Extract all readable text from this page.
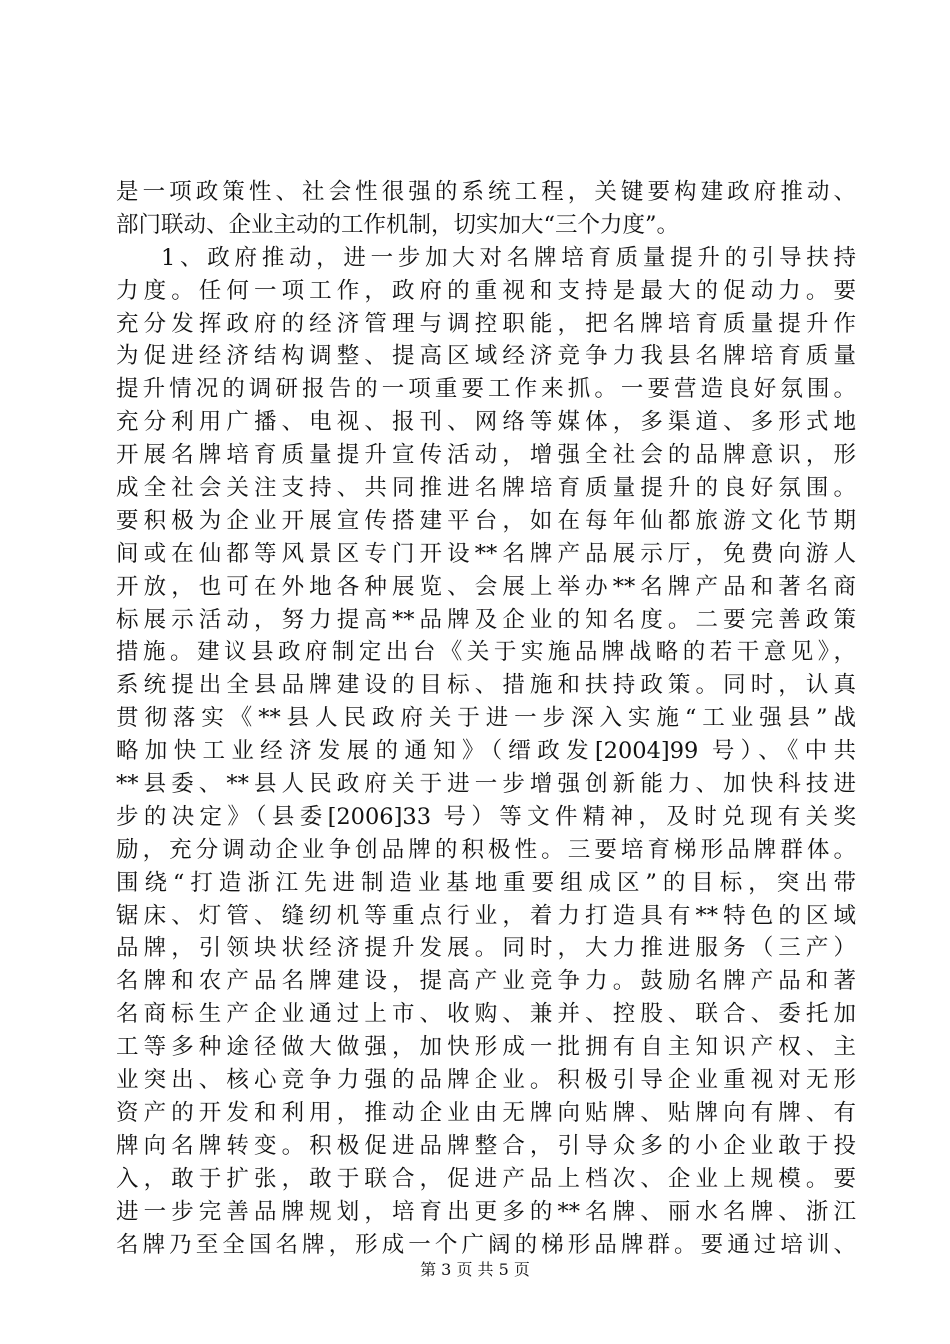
是一项政策性、社会性很强的系统工程，关键要构建政府推动、
部门联动、企业主动的工作机制，切实加大“三个力度”。
1、政府推动，进一步加大对名牌培育质量提升的引导扶持
力度。任何一项工作，政府的重视和支持是最大的促动力。要
充分发挥政府的经济管理与调控职能，把名牌培育质量提升作
为促进经济结构调整、提高区域经济竞争力我县名牌培育质量
提升情况的调研报告的一项重要工作来抓。一要营造良好氛围。
充分利用广播、电视、报刊、网络等媒体，多渠道、多形式地
开展名牌培育质量提升宣传活动，增强全社会的品牌意识，形
成全社会关注支持、共同推进名牌培育质量提升的良好氛围。
要积极为企业开展宣传搭建平台，如在每年仙都旅游文化节期
间或在仙都等风景区专门开设**名牌产品展示厅，免费向游人
开放，也可在外地各种展览、会展上举办**名牌产品和著名商
标展示活动，努力提高**品牌及企业的知名度。二要完善政策
措施。建议县政府制定出台《关于实施品牌战略的若干意见》，
系统提出全县品牌建设的目标、措施和扶持政策。同时，认真
贯彻落实《**县人民政府关于进一步深入实施“工业强县”战
略加快工业经济发展的通知》（缙政发[2004]99 号）、《中共
**县委、**县人民政府关于进一步增强创新能力、加快科技进
步的决定》（县委[2006]33 号）等文件精神，及时兑现有关奖
励，充分调动企业争创品牌的积极性。三要培育梯形品牌群体。
围绕“打造浙江先进制造业基地重要组成区”的目标，突出带
锯床、灯管、缝纫机等重点行业，着力打造具有**特色的区域
品牌，引领块状经济提升发展。同时，大力推进服务（三产）
名牌和农产品名牌建设，提高产业竞争力。鼓励名牌产品和著
名商标生产企业通过上市、收购、兼并、控股、联合、委托加
工等多种途径做大做强，加快形成一批拥有自主知识产权、主
业突出、核心竞争力强的品牌企业。积极引导企业重视对无形
资产的开发和利用，推动企业由无牌向贴牌、贴牌向有牌、有
牌向名牌转变。积极促进品牌整合，引导众多的小企业敢于投
入，敢于扩张，敢于联合，促进产品上档次、企业上规模。要
进一步完善品牌规划，培育出更多的**名牌、丽水名牌、浙江
名牌乃至全国名牌，形成一个广阔的梯形品牌群。要通过培训、
第 3 页 共 5 页
